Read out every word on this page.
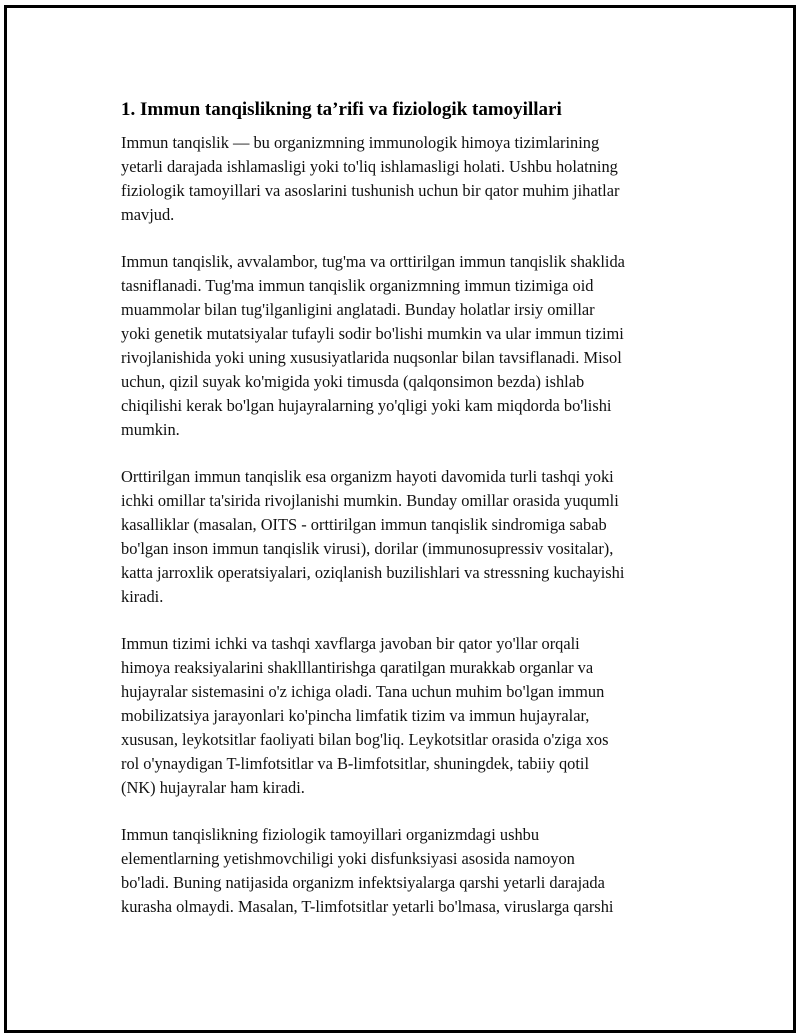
1. Immun tanqislikning ta’rifi va fiziologik tamoyillari

Immun tanqislik — bu organizmning immunologik himoya tizimlarining
yetarli darajada ishlamasligi yoki to'liq ishlamasligi holati. Ushbu holatning
fiziologik tamoyillari va asoslarini tushunish uchun bir qator muhim jihatlar
mavjud.

Immun tanqislik, avvalambor, tug'ma va orttirilgan immun tanqislik shaklida
tasniflanadi. Tug'ma immun tanqislik organizmning immun tizimiga oid
muammolar bilan tug'ilganligini anglatadi. Bunday holatlar irsiy omillar
yoki genetik mutatsiyalar tufayli sodir bo'lishi mumkin va ular immun tizimi
rivojlanishida yoki uning xususiyatlarida nuqsonlar bilan tavsiflanadi. Misol
uchun, qizil suyak ko'migida yoki timusda (qalqonsimon bezda) ishlab
chiqilishi kerak bo'lgan hujayralarning yo'qligi yoki kam miqdorda bo'lishi
mumkin.

Orttirilgan immun tanqislik esa organizm hayoti davomida turli tashqi yoki
ichki omillar ta'sirida rivojlanishi mumkin. Bunday omillar orasida yuqumli
kasalliklar (masalan, OITS - orttirilgan immun tanqislik sindromiga sabab
bo'lgan inson immun tanqislik virusi), dorilar (immunosupressiv vositalar),
katta jarroxlik operatsiyalari, oziqlanish buzilishlari va stressning kuchayishi
kiradi.

Immun tizimi ichki va tashqi xavflarga javoban bir qator yo'llar orqali
himoya reaksiyalarini shaklllantirishga qaratilgan murakkab organlar va
hujayralar sistemasini o'z ichiga oladi. Tana uchun muhim bo'lgan immun
mobilizatsiya jarayonlari ko'pincha limfatik tizim va immun hujayralar,
xususan, leykotsitlar faoliyati bilan bog'liq. Leykotsitlar orasida o'ziga xos
rol o'ynaydigan T-limfotsitlar va B-limfotsitlar, shuningdek, tabiiy qotil
(NK) hujayralar ham kiradi.

Immun tanqislikning fiziologik tamoyillari organizmdagi ushbu
elementlarning yetishmovchiligi yoki disfunksiyasi asosida namoyon
bo'ladi. Buning natijasida organizm infektsiyalarga qarshi yetarli darajada
kurasha olmaydi. Masalan, T-limfotsitlar yetarli bo'lmasa, viruslarga qarshi
